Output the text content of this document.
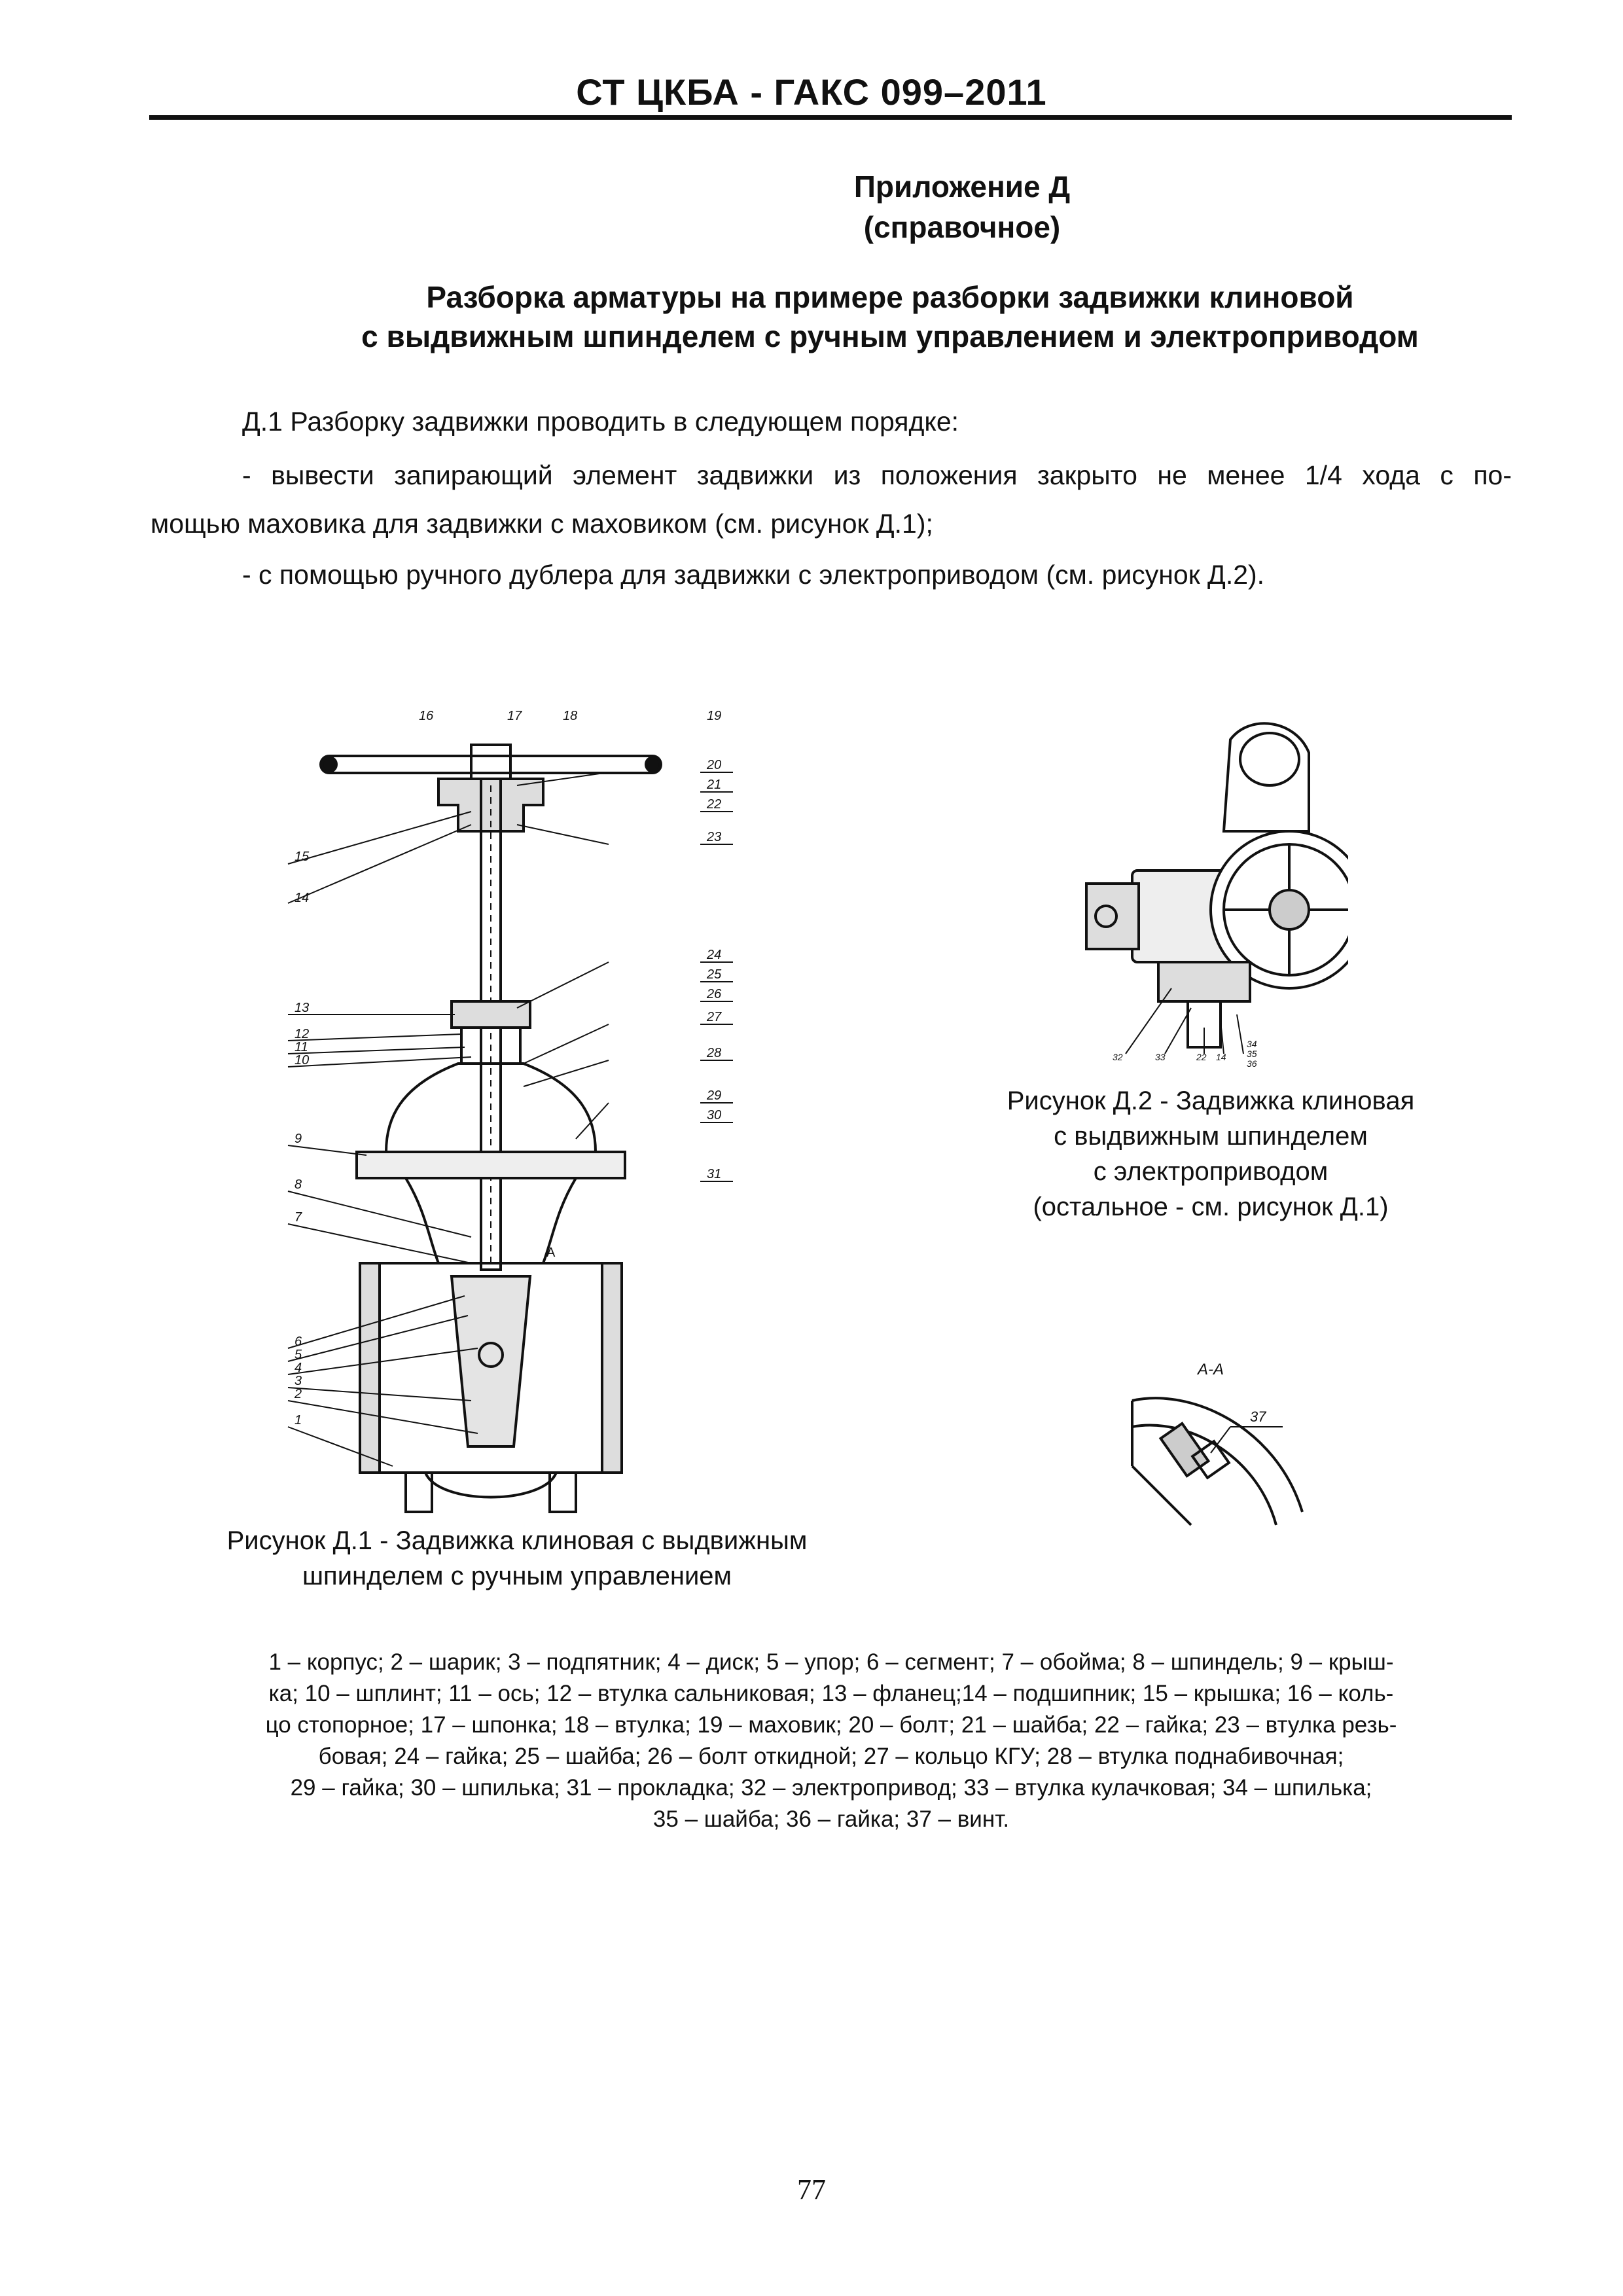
СТ ЦКБА - ГАКС 099–2011
Приложение Д
(справочное)
Разборка арматуры на примере разборки задвижки клиновой
с выдвижным шпинделем с ручным управлением и электроприводом
Д.1 Разборку задвижки проводить в следующем порядке:
- вывести запирающий элемент задвижки из положения закрыто не менее 1/4 хода с по-
мощью маховика для задвижки с маховиком (см. рисунок Д.1);
- с помощью ручного дублера для задвижки с электроприводом (см. рисунок Д.2).
15
14
13
12
11
10
9
8
7
6
5
4
3
2
1
16	17	18	19
20
21
22
23
24
25
26
27
28
29
30
31
A
Рисунок Д.1 - Задвижка клиновая с выдвижным
шпинделем с ручным управлением
32	33	22 14
34
35
36
Рисунок Д.2 - Задвижка клиновая
с выдвижным шпинделем
с электроприводом
(остальное - см. рисунок Д.1)
А-А
37
1 – корпус; 2 – шарик; 3 – подпятник; 4 – диск; 5 – упор; 6 – сегмент; 7 – обойма; 8 – шпиндель; 9 – крыш-
ка; 10 – шплинт; 11 – ось; 12 – втулка сальниковая; 13 – фланец;14 – подшипник; 15 – крышка; 16 – коль-
цо стопорное; 17 – шпонка; 18 – втулка; 19 – маховик; 20 – болт; 21 – шайба; 22 – гайка; 23 – втулка резь-
бовая; 24 – гайка; 25 – шайба; 26 – болт откидной; 27 – кольцо КГУ; 28 – втулка поднабивочная;
29 – гайка; 30 – шпилька; 31 – прокладка; 32 – электропривод; 33 – втулка кулачковая; 34 – шпилька;
35 – шайба; 36 – гайка; 37 – винт.
77
